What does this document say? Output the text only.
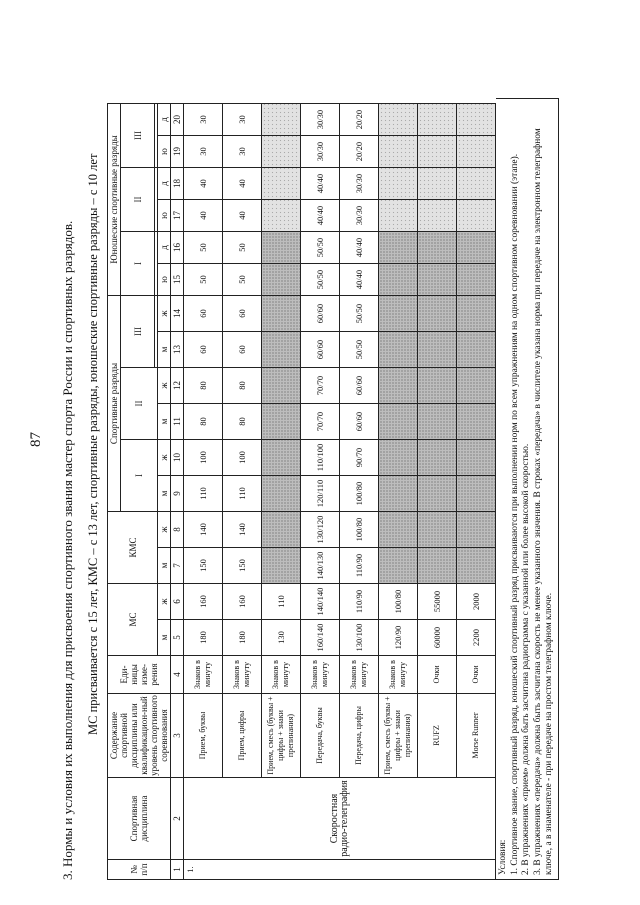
87 3. Нормы и условия их выполнения для присвоения спортивного звания мастер спорта России и спортивных разрядов. МС присваивается с 15 лет, КМС – с 13 лет, спортивные разряды, юношеские спортивные разряды – с 10 лет
№ п/п	Спортивная дисциплина	Содержание спортивной дисциплины или квалификацион-ный уровень спортивного соревнования	Еди-ницы изме-рения	МС		КМС		Спортивные разряды						Юношеские спортивные разряды					
								I		II		III		I		II		III	

				м	ж	м	ж	м	ж	м	ж	м	ж	ю	д	ю	д	ю	д
1	2	3	4	5	6	7	8	9	10	11	12	13	14	15	16	17	18	19	20
1.	Скоростная радио-телеграфия	Прием, буквы	Знаков в минуту	180	160	150	140	110	100	80	80	60	60	50	50	40	40	30	30
		Прием, цифры	Знаков в минуту	180	160	150	140	110	100	80	80	60	60	50	50	40	40	30	30
		Прием, смесь (буквы + цифры + знаки препинания)	Знаков в минуту	130	110														
		Передача, буквы	Знаков в минуту	160/140	140/140	140/130	130/120	120/110	110/100	70/70	70/70	60/60	60/60	50/50	50/50	40/40	40/40	30/30	30/30
		Передача, цифры	Знаков в минуту	130/100	110/90	110/90	100/80	100/80	90/70	60/60	60/60	50/50	50/50	40/40	40/40	30/30	30/30	20/20	20/20
		Прием, смесь (буквы + цифры + знаки препинания)	Знаков в минуту	120/90	100/80														
		RUFZ	Очки	60000	55000														
		Morse Runner	Очки	2200	2000														
Условия: 1. Спортивное звание, спортивный разряд, юношеский спортивный разряд присваиваются при выполнении норм по всем упражнениям на одном спортивном соревновании (этапе). 2. В упражнениях «прием» должна быть засчитана радиограмма с указанной или более высокой скоростью. 3. В упражнениях «передача» должна быть засчитана скорость не менее указанного значения. В строках «передача» в числителе указана норма при передаче на электронном телеграфном ключе, а в знаменателе - при передаче на простом телеграфном ключе.
